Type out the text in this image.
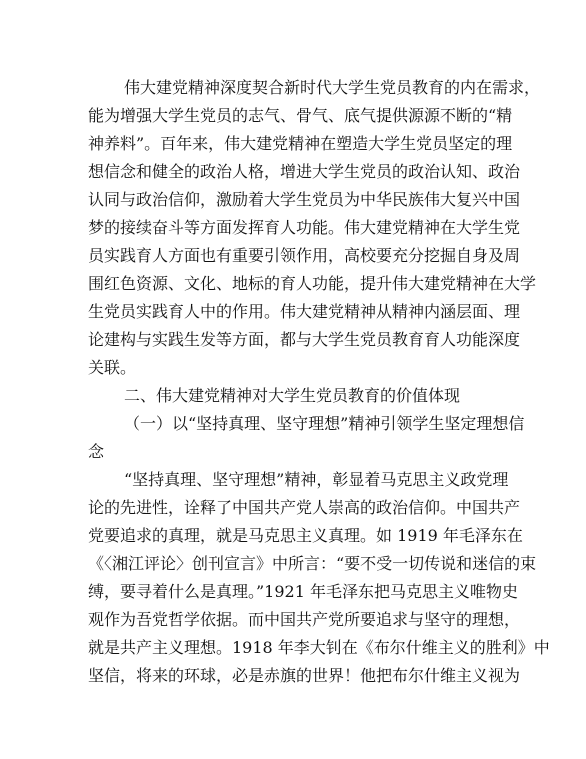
伟大建党精神深度契合新时代大学生党员教育的内在需求，
能为增强大学生党员的志气、骨气、底气提供源源不断的“精
神养料”。百年来，伟大建党精神在塑造大学生党员坚定的理
想信念和健全的政治人格，增进大学生党员的政治认知、政治
认同与政治信仰，激励着大学生党员为中华民族伟大复兴中国
梦的接续奋斗等方面发挥育人功能。伟大建党精神在大学生党
员实践育人方面也有重要引领作用，高校要充分挖掘自身及周
围红色资源、文化、地标的育人功能，提升伟大建党精神在大学
生党员实践育人中的作用。伟大建党精神从精神内涵层面、理
论建构与实践生发等方面，都与大学生党员教育育人功能深度
关联。
二、伟大建党精神对大学生党员教育的价值体现
（一）以“坚持真理、坚守理想”精神引领学生坚定理想信
念
“坚持真理、坚守理想”精神，彰显着马克思主义政党理
论的先进性，诠释了中国共产党人崇高的政治信仰。中国共产
党要追求的真理，就是马克思主义真理。如 1919 年毛泽东在
《〈湘江评论〉创刊宣言》中所言：“要不受一切传说和迷信的束
缚，要寻着什么是真理。”1921 年毛泽东把马克思主义唯物史
观作为吾党哲学依据。而中国共产党所要追求与坚守的理想，
就是共产主义理想。1918 年李大钊在《布尔什维主义的胜利》中
坚信，将来的环球，必是赤旗的世界！他把布尔什维主义视为
